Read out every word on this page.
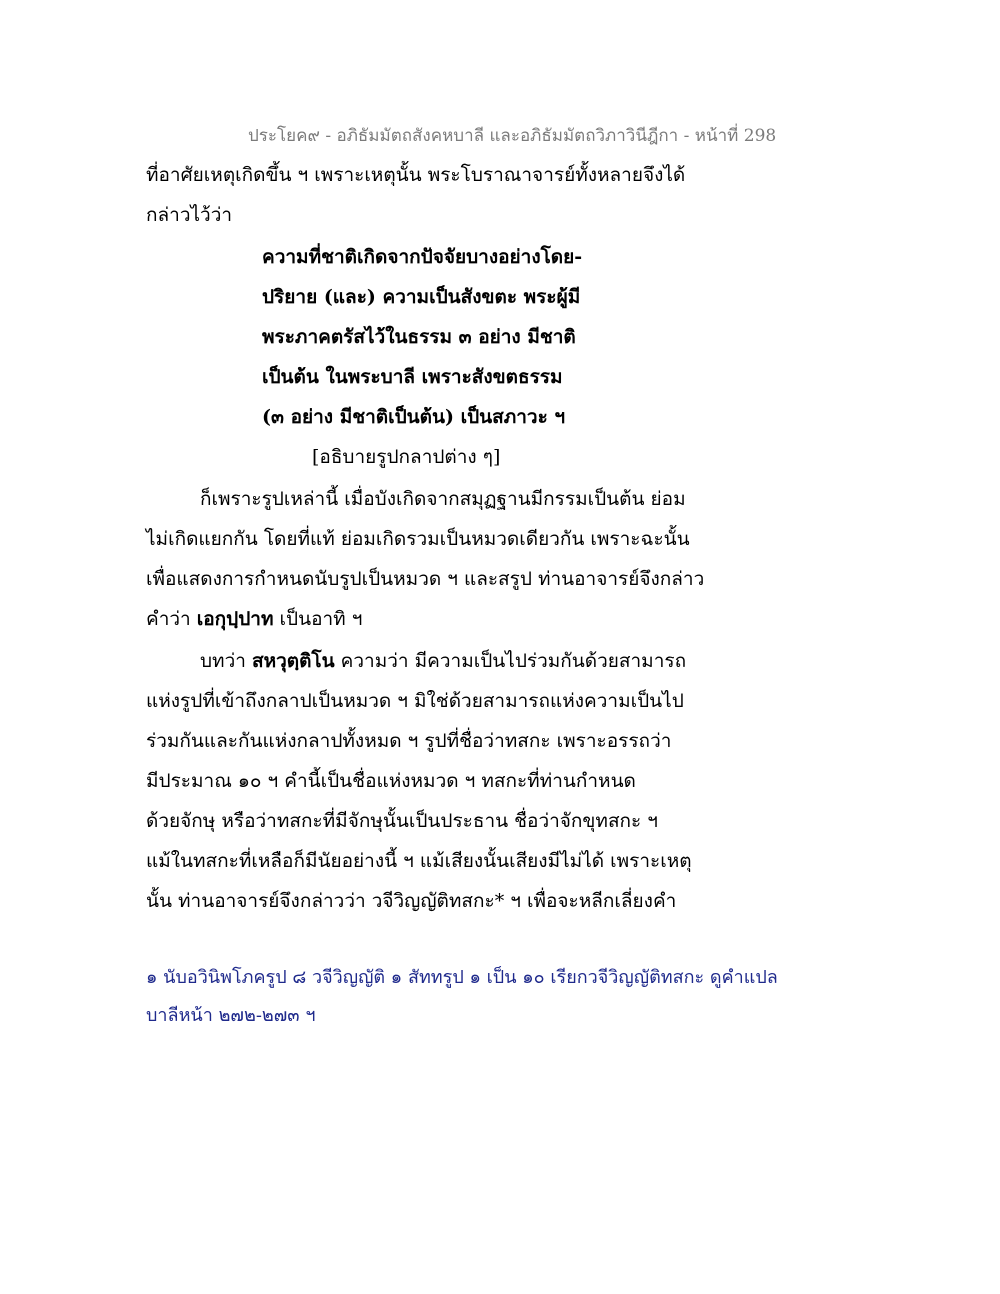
ประโยค๙ - อภิธัมมัตถสังคหบาลี และอภิธัมมัตถวิภาวินีฎีกา - หน้าที่ 298
ที่อาศัยเหตุเกิดขึ้น ฯ เพราะเหตุนั้น พระโบราณาจารย์ทั้งหลายจึงได้
กล่าวไว้ว่า
ความที่ชาติเกิดจากปัจจัยบางอย่างโดย-
ปริยาย (และ) ความเป็นสังขตะ พระผู้มี
พระภาคตรัสไว้ในธรรม ๓ อย่าง มีชาติ
เป็นต้น ในพระบาลี เพราะสังขตธรรม
(๓ อย่าง มีชาติเป็นต้น) เป็นสภาวะ ฯ
[อธิบายรูปกลาปต่าง ๆ]
ก็เพราะรูปเหล่านี้ เมื่อบังเกิดจากสมุฏฐานมีกรรมเป็นต้น ย่อม
ไม่เกิดแยกกัน โดยที่แท้ ย่อมเกิดรวมเป็นหมวดเดียวกัน เพราะฉะนั้น
เพื่อแสดงการกำหนดนับรูปเป็นหมวด ฯ และสรูป ท่านอาจารย์จึงกล่าว
คำว่า เอกุปฺปาท เป็นอาทิ ฯ
บทว่า สหวุตฺติโน ความว่า มีความเป็นไปร่วมกันด้วยสามารถ
แห่งรูปที่เข้าถึงกลาปเป็นหมวด ฯ มิใช่ด้วยสามารถแห่งความเป็นไป
ร่วมกันและกันแห่งกลาปทั้งหมด ฯ รูปที่ชื่อว่าทสกะ เพราะอรรถว่า
มีประมาณ ๑๐ ฯ คำนี้เป็นชื่อแห่งหมวด ฯ ทสกะที่ท่านกำหนด
ด้วยจักษุ หรือว่าทสกะที่มีจักษุนั้นเป็นประธาน ชื่อว่าจักขุทสกะ ฯ
แม้ในทสกะที่เหลือก็มีนัยอย่างนี้ ฯ แม้เสียงนั้นเสียงมีไม่ได้ เพราะเหตุ
นั้น ท่านอาจารย์จึงกล่าวว่า วจีวิญญัติทสกะ* ฯ เพื่อจะหลีกเลี่ยงคำ
๑ นับอวินิพโภครูป ๘ วจีวิญญัติ ๑ สัททรูป ๑ เป็น ๑๐ เรียกวจีวิญญัติทสกะ ดูคำแปล
บาลีหน้า ๒๗๒-๒๗๓ ฯ
